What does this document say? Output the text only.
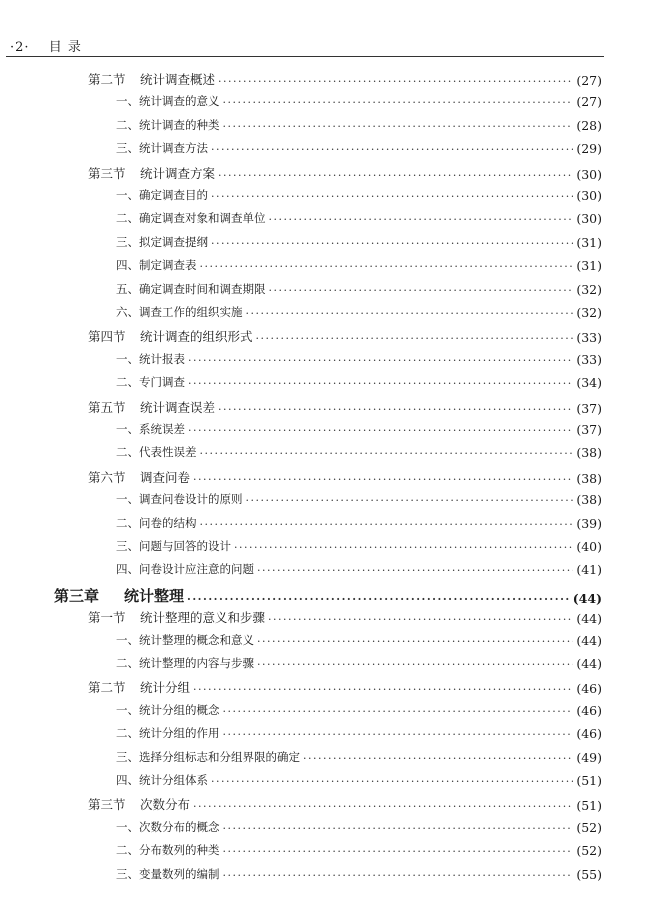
·2· 目 录
第二节 统计调查概述 ·····	(27)
一、统计调查的意义 ·····	(27)
二、统计调查的种类 ·····	(28)
三、统计调查方法 ·····	(29)
第三节 统计调查方案 ·····	(30)
一、确定调查目的 ·····	(30)
二、确定调查对象和调查单位 ·····	(30)
三、拟定调查提纲 ·····	(31)
四、制定调查表 ·····	(31)
五、确定调查时间和调查期限 ·····	(32)
六、调查工作的组织实施 ·····	(32)
第四节 统计调查的组织形式 ·····	(33)
一、统计报表 ·····	(33)
二、专门调查 ·····	(34)
第五节 统计调查误差 ·····	(37)
一、系统误差 ·····	(37)
二、代表性误差 ·····	(38)
第六节 调查问卷 ·····	(38)
一、调查问卷设计的原则 ·····	(38)
二、问卷的结构 ·····	(39)
三、问题与回答的设计 ·····	(40)
四、问卷设计应注意的问题 ·····	(41)
第三章 统计整理 ·····	(44)
第一节 统计整理的意义和步骤 ·····	(44)
一、统计整理的概念和意义 ·····	(44)
二、统计整理的内容与步骤 ·····	(44)
第二节 统计分组 ·····	(46)
一、统计分组的概念 ·····	(46)
二、统计分组的作用 ·····	(46)
三、选择分组标志和分组界限的确定 ·····	(49)
四、统计分组体系 ·····	(51)
第三节 次数分布 ·····	(51)
一、次数分布的概念 ·····	(52)
二、分布数列的种类 ·····	(52)
三、变量数列的编制 ·····	(55)
